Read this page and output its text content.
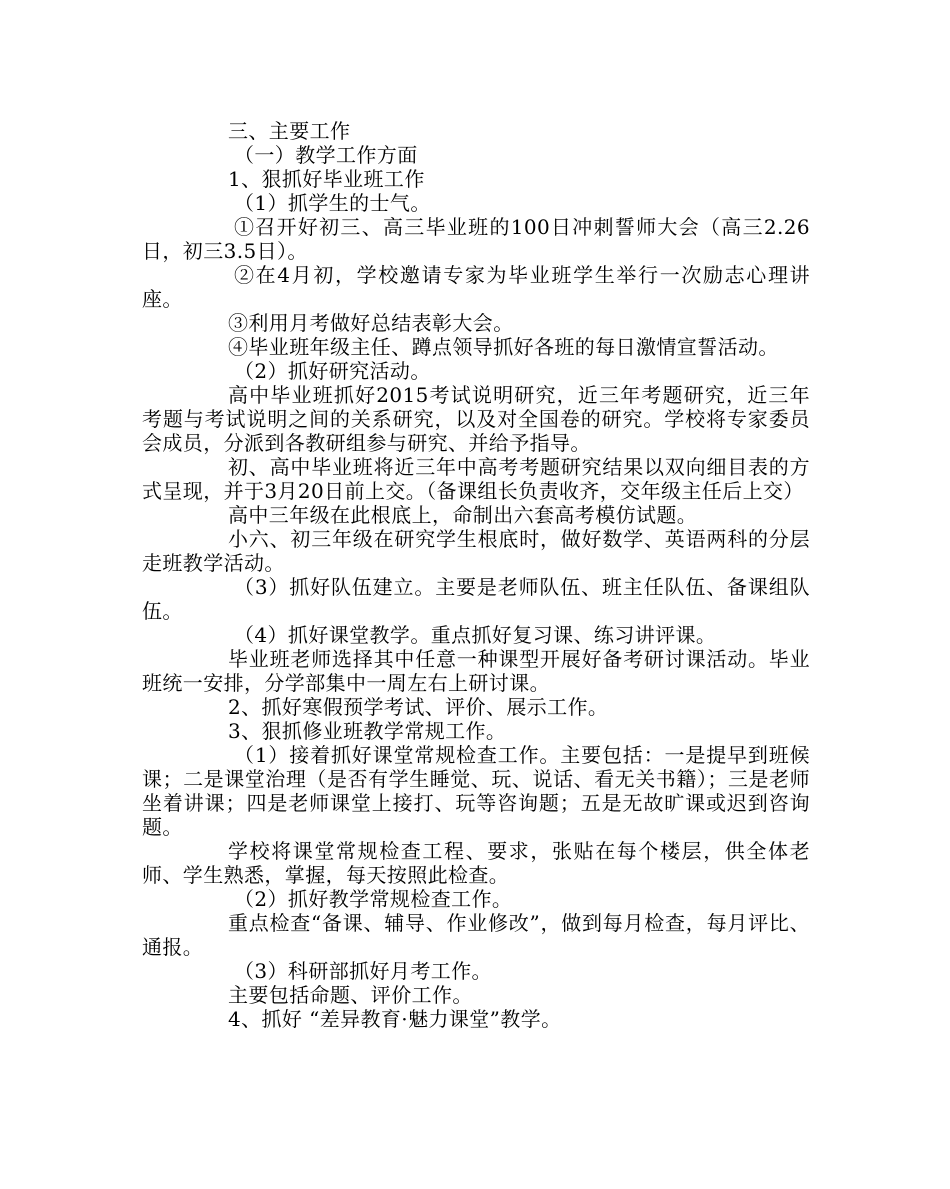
三、主要工作

（一）教学工作方面

1、狠抓好毕业班工作

（1）抓学生的士气。

①召开好初三、高三毕业班的100日冲刺誓师大会（高三2.26日，初三3.5日）。

②在4月初，学校邀请专家为毕业班学生举行一次励志心理讲座。

③利用月考做好总结表彰大会。

④毕业班年级主任、蹲点领导抓好各班的每日激情宣誓活动。

（2）抓好研究活动。

高中毕业班抓好2015考试说明研究，近三年考题研究，近三年考题与考试说明之间的关系研究，以及对全国卷的研究。学校将专家委员会成员，分派到各教研组参与研究、并给予指导。

初、高中毕业班将近三年中高考考题研究结果以双向细目表的方式呈现，并于3月20日前上交。（备课组长负责收齐，交年级主任后上交）

高中三年级在此根底上，命制出六套高考模仿试题。

小六、初三年级在研究学生根底时，做好数学、英语两科的分层走班教学活动。

（3）抓好队伍建立。主要是老师队伍、班主任队伍、备课组队伍。

（4）抓好课堂教学。重点抓好复习课、练习讲评课。

毕业班老师选择其中任意一种课型开展好备考研讨课活动。毕业班统一安排，分学部集中一周左右上研讨课。

2、抓好寒假预学考试、评价、展示工作。

3、狠抓修业班教学常规工作。

（1）接着抓好课堂常规检查工作。主要包括：一是提早到班候课；二是课堂治理（是否有学生睡觉、玩、说话、看无关书籍）；三是老师坐着讲课；四是老师课堂上接打、玩等咨询题；五是无故旷课或迟到咨询题。

学校将课堂常规检查工程、要求，张贴在每个楼层，供全体老师、学生熟悉，掌握，每天按照此检查。

（2）抓好教学常规检查工作。

重点检查“备课、辅导、作业修改”，做到每月检查，每月评比、通报。

（3）科研部抓好月考工作。

主要包括命题、评价工作。

4、抓好 “差异教育·魅力课堂”教学。
